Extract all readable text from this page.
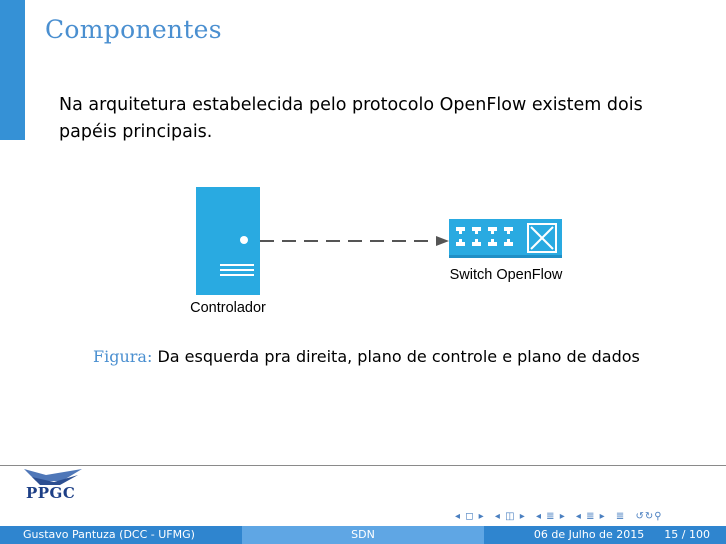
Componentes
Na arquitetura estabelecida pelo protocolo OpenFlow existem dois papéis principais.
Controlador
Switch OpenFlow
Figura: Da esquerda pra direita, plano de controle e plano de dados
PPGC
◂ ◻ ▸ ◂ ◫ ▸ ◂ ≣ ▸ ◂ ≣ ▸ ≣ ↺↻⚲
Gustavo Pantuza (DCC - UFMG)	SDN	06 de Julho de 2015 15 / 100
